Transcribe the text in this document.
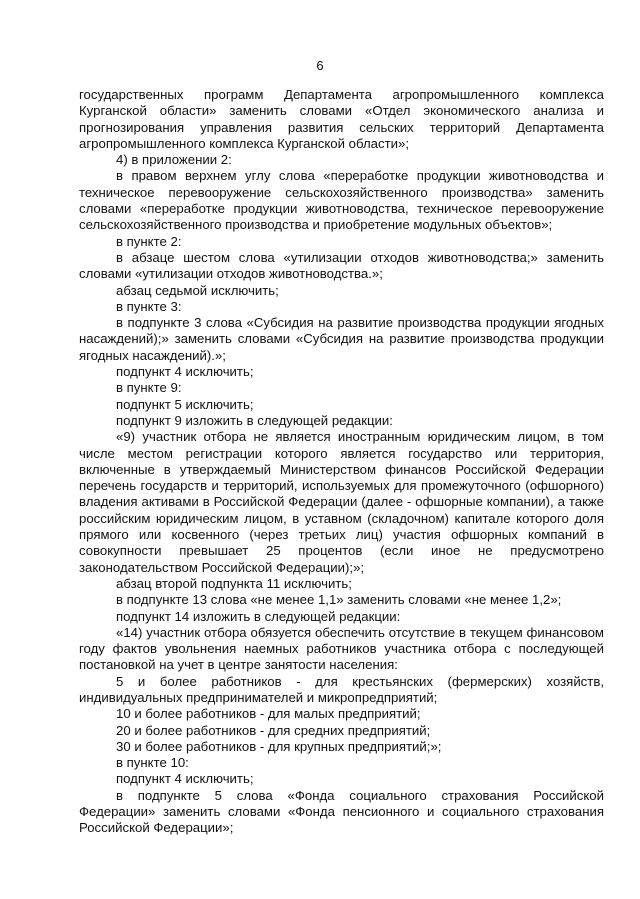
6

государственных программ Департамента агропромышленного комплекса Курганской области» заменить словами «Отдел экономического анализа и прогнозирования управления развития сельских территорий Департамента агропромышленного комплекса Курганской области»;

4) в приложении 2:

в правом верхнем углу слова «переработке продукции животноводства и техническое перевооружение сельскохозяйственного производства» заменить словами «переработке продукции животноводства, техническое перевооружение сельскохозяйственного производства и приобретение модульных объектов»;

в пункте 2:

в абзаце шестом слова «утилизации отходов животноводства;» заменить словами «утилизации отходов животноводства.»;

абзац седьмой исключить;

в пункте 3:

в подпункте 3 слова «Субсидия на развитие производства продукции ягодных насаждений);» заменить словами «Субсидия на развитие производства продукции ягодных насаждений).»;

подпункт 4 исключить;

в пункте 9:

подпункт 5 исключить;

подпункт 9 изложить в следующей редакции:

«9) участник отбора не является иностранным юридическим лицом, в том числе местом регистрации которого является государство или территория, включенные в утверждаемый Министерством финансов Российской Федерации перечень государств и территорий, используемых для промежуточного (офшорного) владения активами в Российской Федерации (далее - офшорные компании), а также российским юридическим лицом, в уставном (складочном) капитале которого доля прямого или косвенного (через третьих лиц) участия офшорных компаний в совокупности превышает 25 процентов (если иное не предусмотрено законодательством Российской Федерации);»;

абзац второй подпункта 11 исключить;

в подпункте 13 слова «не менее 1,1» заменить словами «не менее 1,2»;

подпункт 14 изложить в следующей редакции:

«14) участник отбора обязуется обеспечить отсутствие в текущем финансовом году фактов увольнения наемных работников участника отбора с последующей постановкой на учет в центре занятости населения:

5 и более работников - для крестьянских (фермерских) хозяйств, индивидуальных предпринимателей и микропредприятий;

10 и более работников - для малых предприятий;

20 и более работников - для средних предприятий;

30 и более работников - для крупных предприятий;»;

в пункте 10:

подпункт 4 исключить;

в подпункте 5 слова «Фонда социального страхования Российской Федерации» заменить словами «Фонда пенсионного и социального страхования Российской Федерации»;
